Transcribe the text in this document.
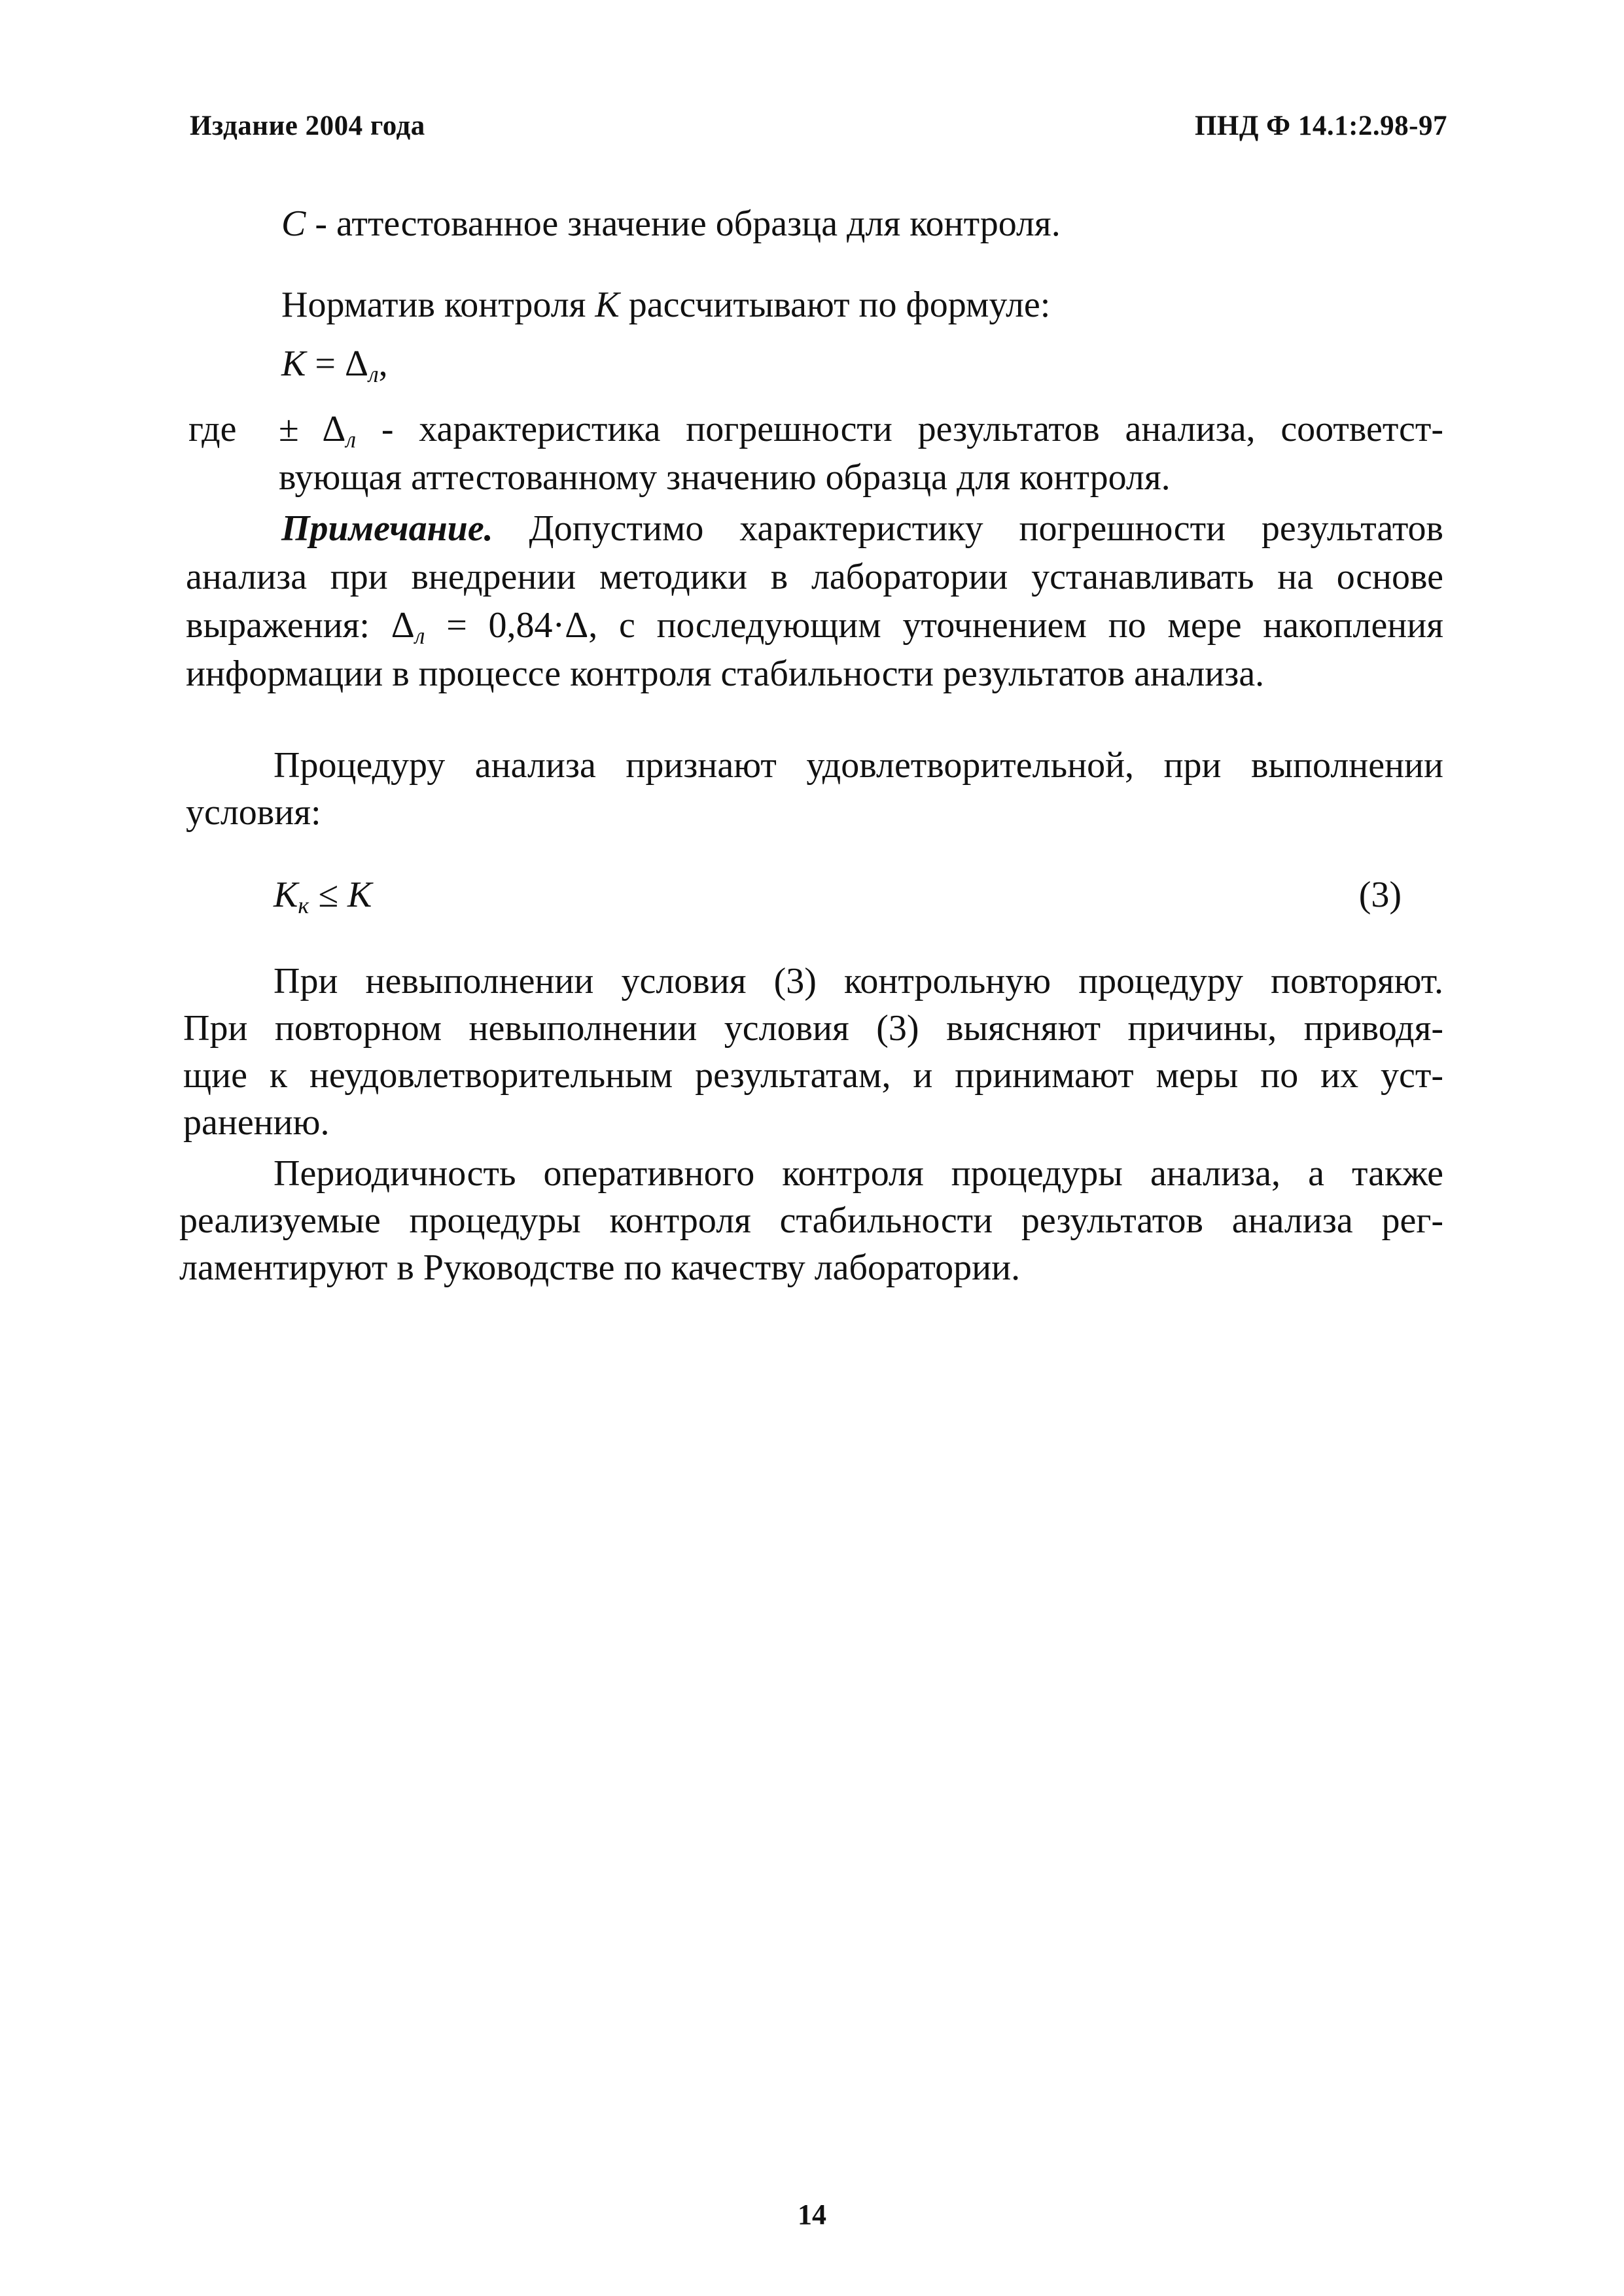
Издание 2004 года	ПНД Ф 14.1:2.98-97
C - аттестованное значение образца для контроля.
Норматив контроля K рассчитывают по формуле:
$K = \Delta_л$,
где ± $\Delta_л$ - характеристика погрешности результатов анализа, соответст-
вующая аттестованному значению образца для контроля.
Примечание. Допустимо характеристику погрешности результатов
анализа при внедрении методики в лаборатории устанавливать на основе
выражения: $\Delta_л = 0,84\cdot\Delta$, с последующим уточнением по мере накопления
информации в процессе контроля стабильности результатов анализа.
Процедуру анализа признают удовлетворительной, при выполнении
условия:
$K_к \le K$	(3)
При невыполнении условия (3) контрольную процедуру повторяют.
При повторном невыполнении условия (3) выясняют причины, приводя-
щие к неудовлетворительным результатам, и принимают меры по их уст-
ранению.
Периодичность оперативного контроля процедуры анализа, а также
реализуемые процедуры контроля стабильности результатов анализа рег-
ламентируют в Руководстве по качеству лаборатории.
14
